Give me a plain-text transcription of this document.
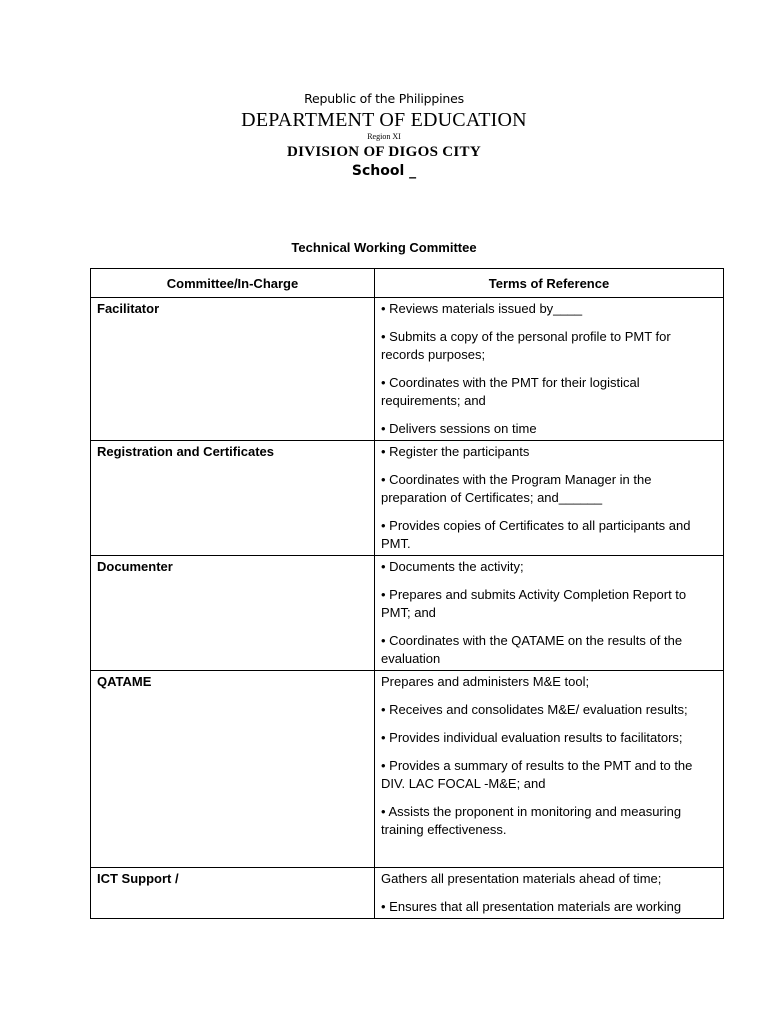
Republic of the Philippines
DEPARTMENT OF EDUCATION
Region XI
DIVISION OF DIGOS CITY
School _
Technical Working Committee
Committee/In-Charge	Terms of Reference
Facilitator	• Reviews materials issued by____

• Submits a copy of the personal profile to PMT for records purposes;

• Coordinates with the PMT for their logistical requirements; and

• Delivers sessions on time

Registration and Certificates	• Register the participants

• Coordinates with the Program Manager in the preparation of Certificates; and______

• Provides copies of Certificates to all participants and PMT.

Documenter	• Documents the activity;

• Prepares and submits Activity Completion Report to PMT; and

• Coordinates with the QATAME on the results of the evaluation

QATAME	Prepares and administers M&E tool;

• Receives and consolidates M&E/ evaluation results;

• Provides individual evaluation results to facilitators;

• Provides a summary of results to the PMT and to the DIV. LAC FOCAL -M&E; and

• Assists the proponent in monitoring and measuring training effectiveness.

ICT Support /	Gathers all presentation materials ahead of time;

• Ensures that all presentation materials are working
